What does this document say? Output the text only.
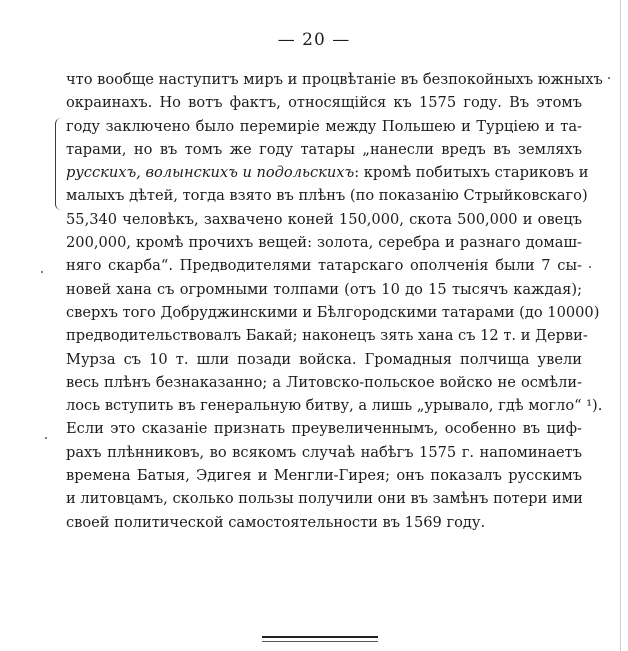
— 20 —
что вообще наступитъ миръ и процвѣтаніе въ безпокойныхъ южныхъ
окраинахъ. Но вотъ фактъ, относящійся къ 1575 году. Въ этомъ
году заключено было перемиріе между Польшею и Турціею и та-
тарами, но въ томъ же году татары „нанесли вредъ въ земляхъ
русскихъ, волынскихъ и подольскихъ: кромѣ побитыхъ стариковъ и
малыхъ дѣтей, тогда взято въ плѣнъ (по показанію Стрыйковскаго)
55,340 человѣкъ, захвачено коней 150,000, скота 500,000 и овецъ
200,000, кромѣ прочихъ вещей: золота, серебра и разнаго домаш-
няго скарба“. Предводителями татарскаго ополченія были 7 сы-
новей хана съ огромными толпами (отъ 10 до 15 тысячъ каждая);
сверхъ того Добруджинскими и Бѣлгородскими татарами (до 10000)
предводительствовалъ Бакай; наконецъ зять хана съ 12 т. и Дерви-
Мурза съ 10 т. шли позади войска. Громадныя полчища увели
весь плѣнъ безнаказанно; а Литовско-польское войско не осмѣли-
лось вступить въ генеральную битву, а лишь „урывало, гдѣ могло“ ¹).
Если это сказаніе признать преувеличеннымъ, особенно въ циф-
рахъ плѣнниковъ, во всякомъ случаѣ набѣгъ 1575 г. напоминаетъ
времена Батыя, Эдигея и Менгли-Гирея; онъ показалъ русскимъ
и литовцамъ, сколько пользы получили они въ замѣнъ потери ими
своей политической самостоятельности въ 1569 году.
